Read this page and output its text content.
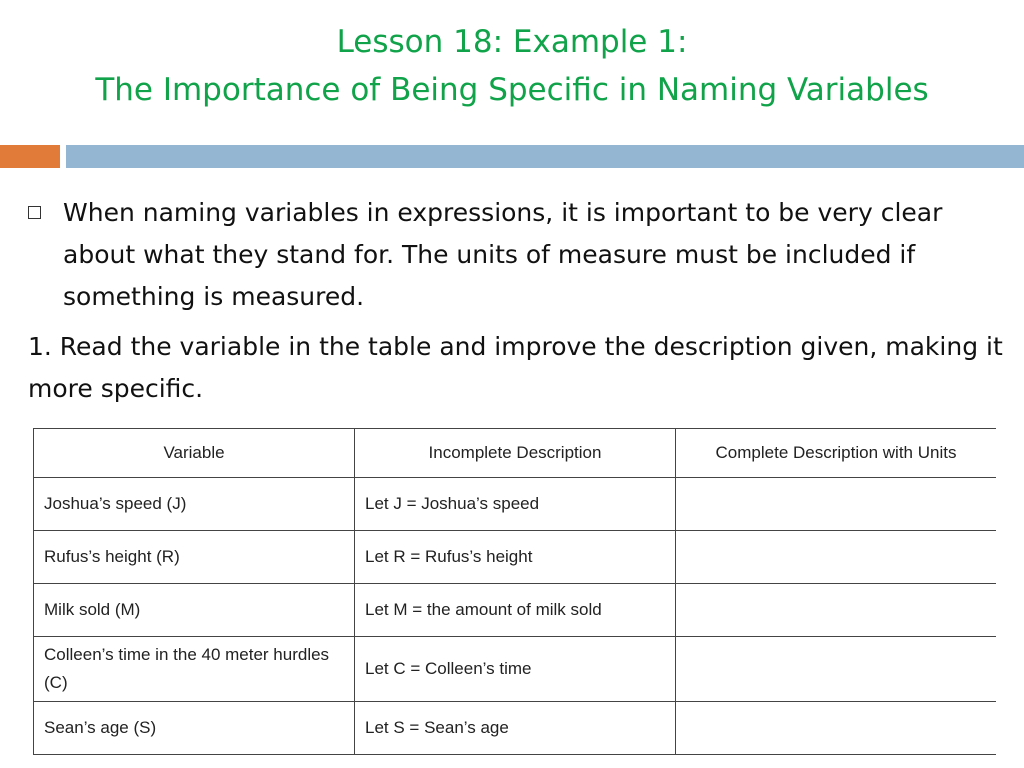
Lesson 18: Example 1:
The Importance of Being Specific in Naming Variables
When naming variables in expressions, it is important to be very clear about what they stand for. The units of measure must be included if something is measured.
1. Read the variable in the table and improve the description given, making it more specific.
Variable	Incomplete Description	Complete Description with Units
Joshua’s speed (J)	Let J = Joshua’s speed	
Rufus’s height (R)	Let R = Rufus’s height	
Milk sold (M)	Let M = the amount of milk sold	
Colleen’s time in the 40 meter hurdles (C)	Let C = Colleen’s time	
Sean’s age (S)	Let S = Sean’s age	
